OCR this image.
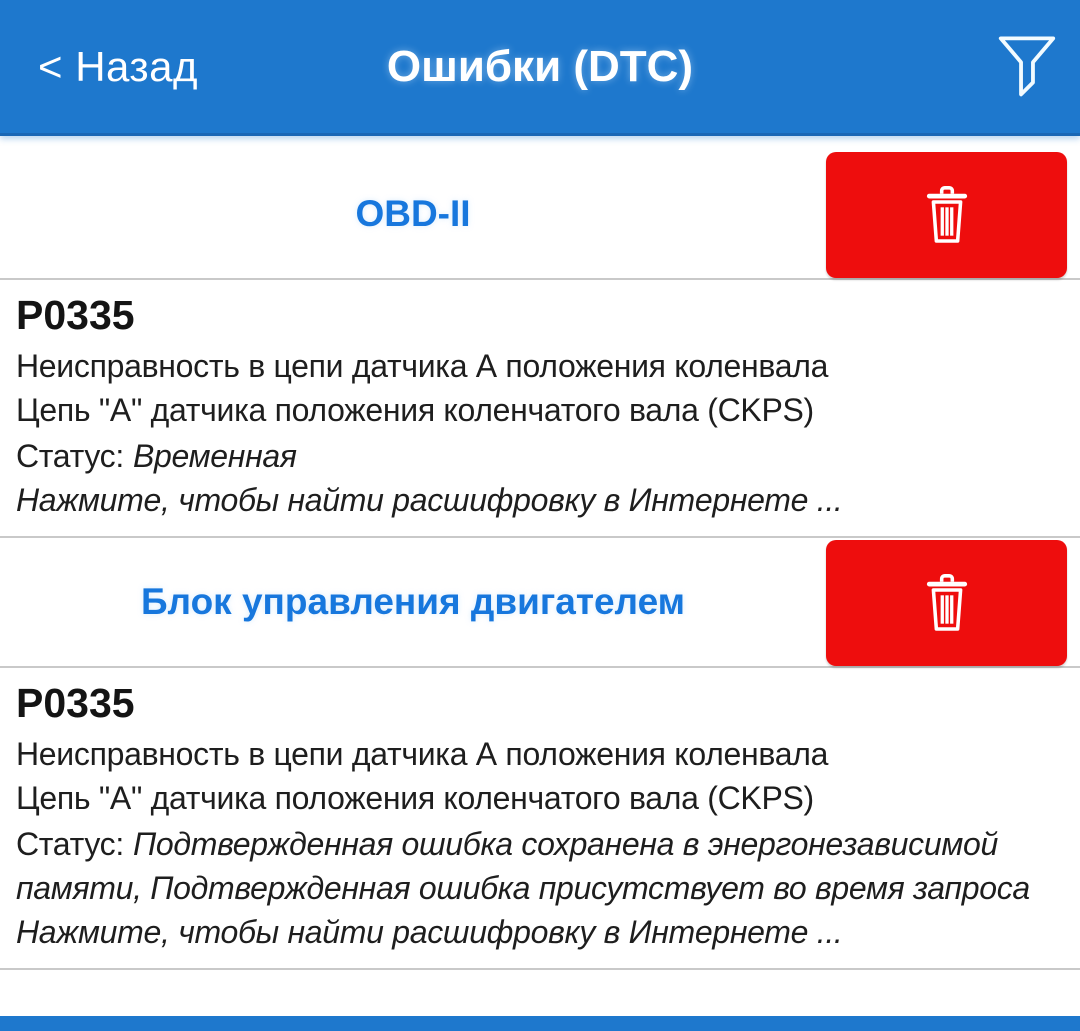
< Назад	Ошибки (DTC)
OBD-II
P0335
Неисправность в цепи датчика А положения коленвала
Цепь "А" датчика положения коленчатого вала (CKPS)
Статус: Временная
Нажмите, чтобы найти расшифровку в Интернете ...
Блок управления двигателем
P0335
Неисправность в цепи датчика А положения коленвала
Цепь "А" датчика положения коленчатого вала (CKPS)
Статус: Подтвержденная ошибка сохранена в энергонезависимой памяти, Подтвержденная ошибка присутствует во время запроса
Нажмите, чтобы найти расшифровку в Интернете ...
